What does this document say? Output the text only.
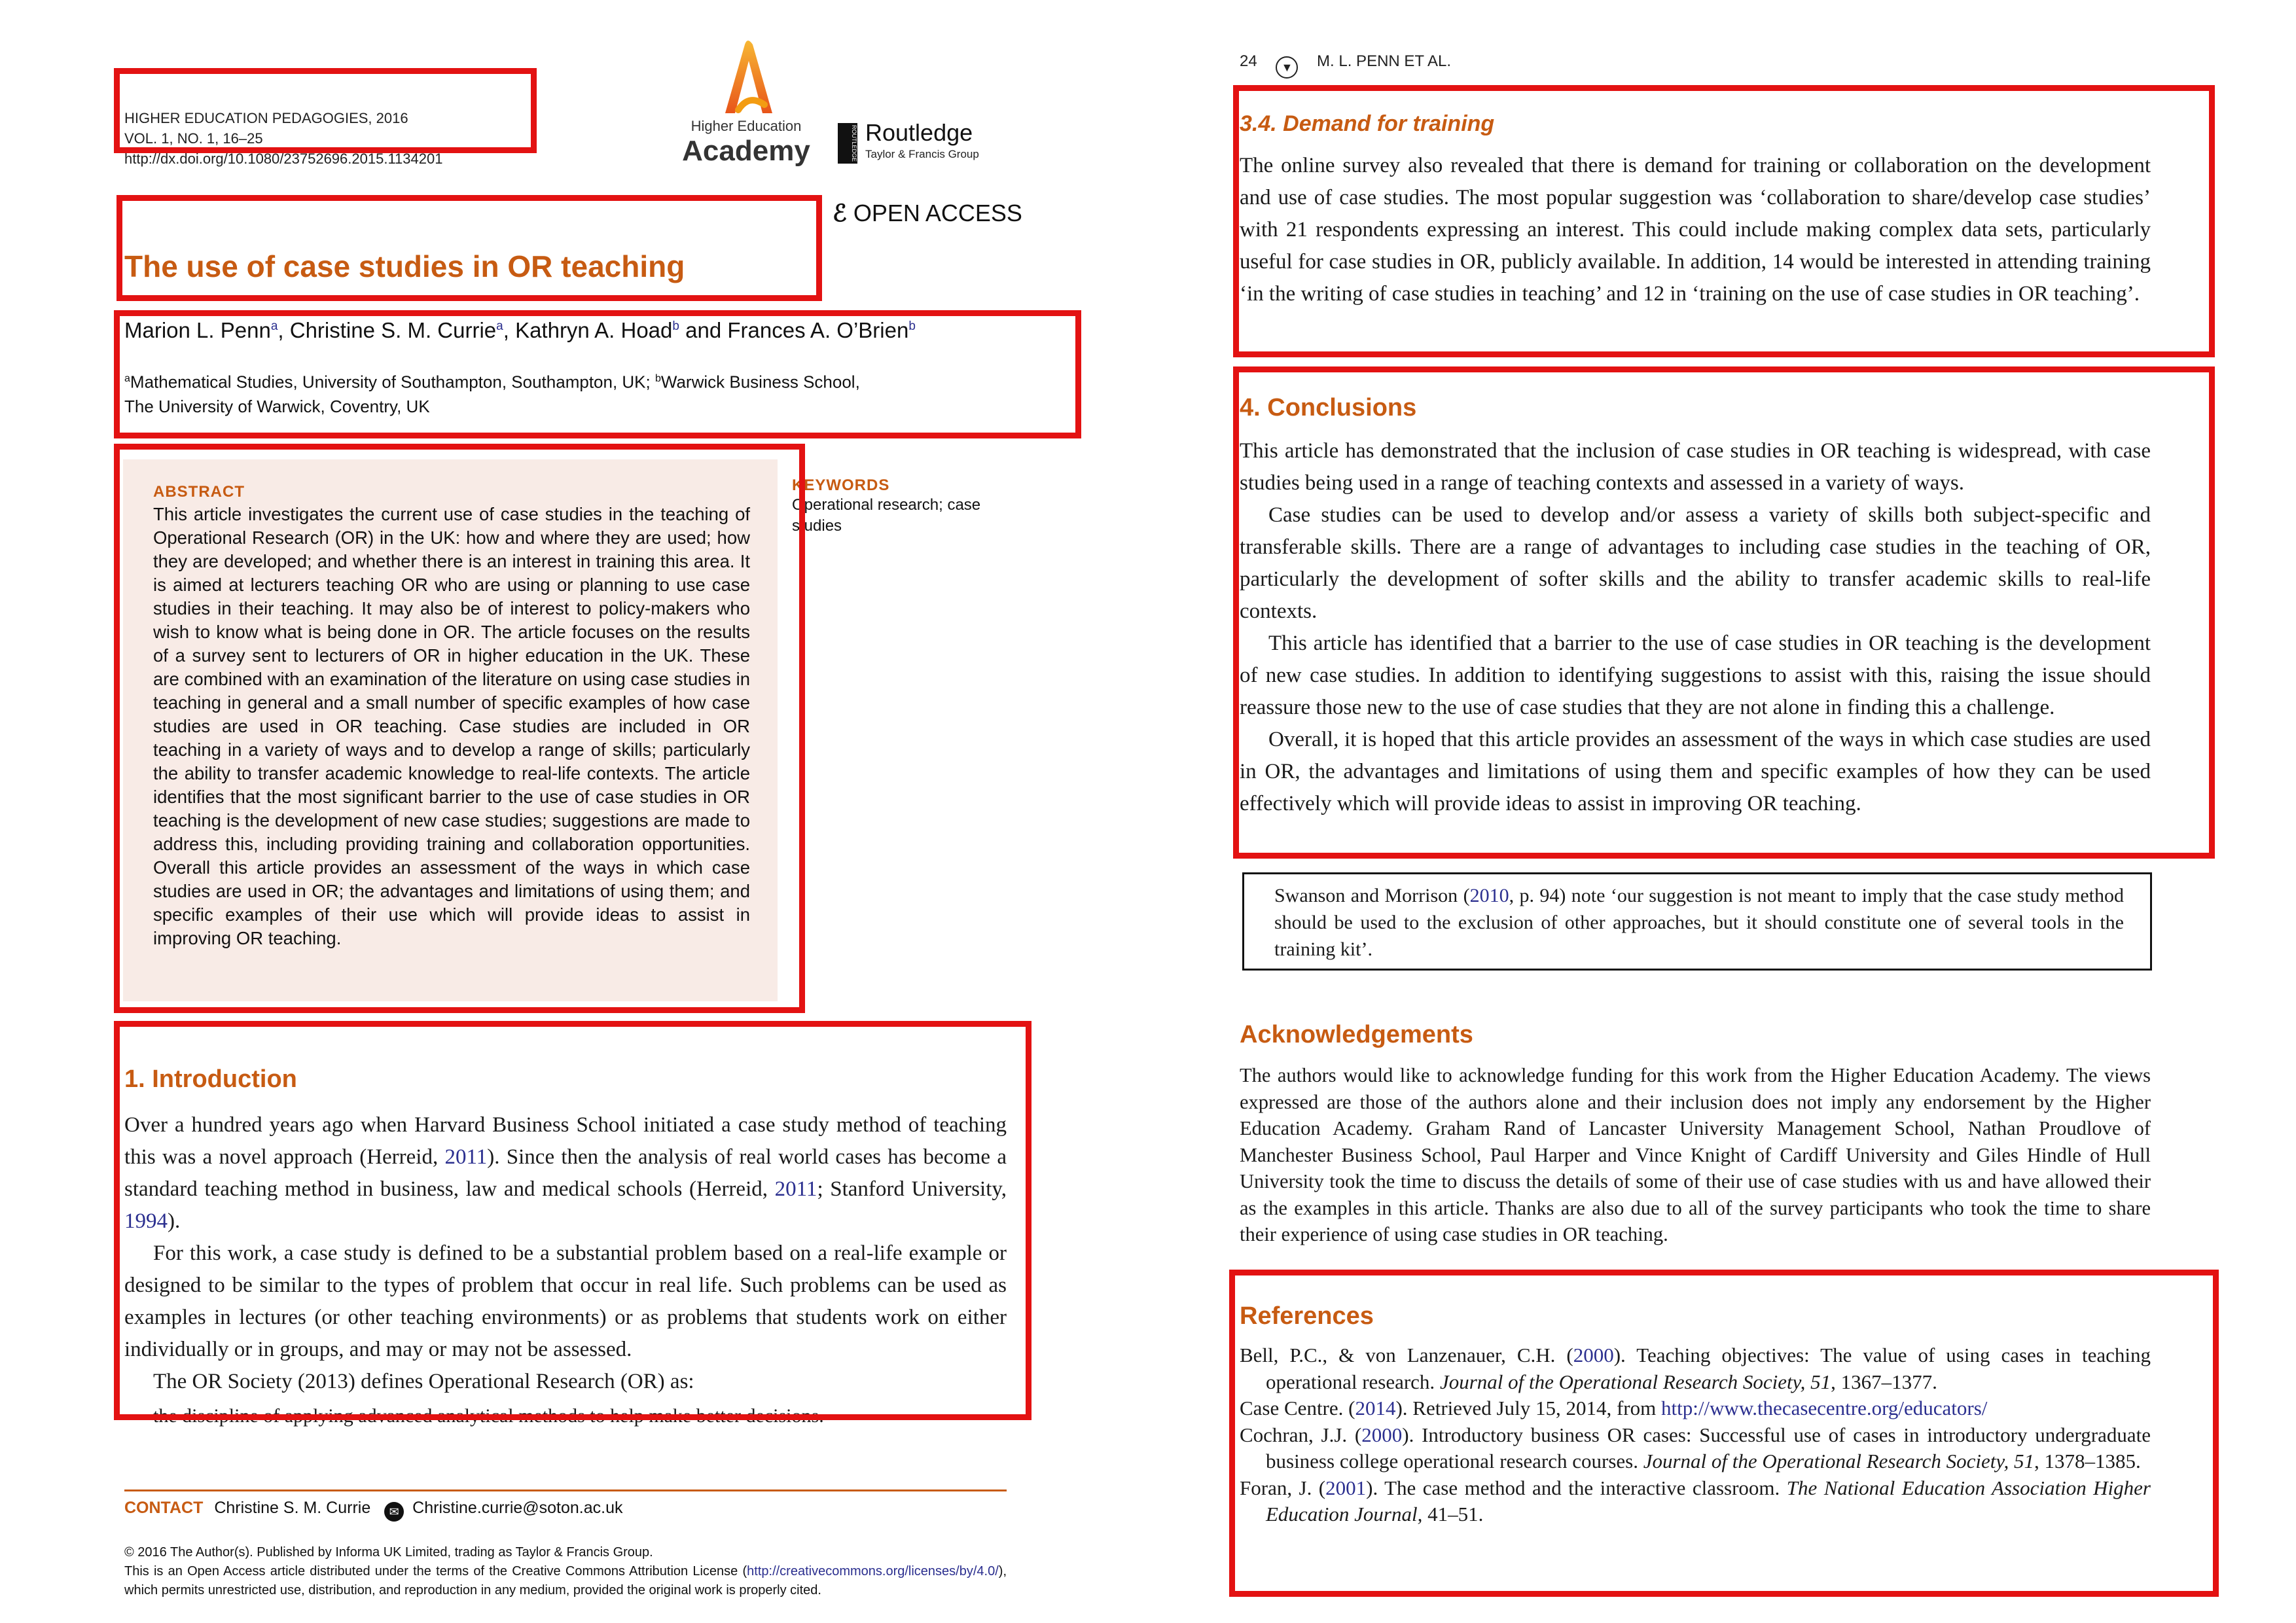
HIGHER EDUCATION PEDAGOGIES, 2016
VOL. 1, NO. 1, 16–25
http://dx.doi.org/10.1080/23752696.2015.1134201
Higher Education
Academy	ROUTLEDGE Routledge
Taylor & Francis Group
ℰ OPEN ACCESS
The use of case studies in OR teaching
Marion L. Penn$^a$, Christine S. M. Currie$^a$, Kathryn A. Hoad$^b$ and Frances A. O’Brien$^b$
$^a$Mathematical Studies, University of Southampton, Southampton, UK; $^b$Warwick Business School,
The University of Warwick, Coventry, UK
ABSTRACT

This article investigates the current use of case studies in the teaching of Operational Research (OR) in the UK: how and where they are used; how they are developed; and whether there is an interest in training this area. It is aimed at lecturers teaching OR who are using or planning to use case studies in their teaching. It may also be of interest to policy-makers who wish to know what is being done in OR. The article focuses on the results of a survey sent to lecturers of OR in higher education in the UK. These are combined with an examination of the literature on using case studies in teaching in general and a small number of specific examples of how case studies are used in OR teaching. Case studies are included in OR teaching in a variety of ways and to develop a range of skills; particularly the ability to transfer academic knowledge to real-life contexts. The article identifies that the most significant barrier to the use of case studies in OR teaching is the development of new case studies; suggestions are made to address this, including providing training and collaboration opportunities. Overall this article provides an assessment of the ways in which case studies are used in OR; the advantages and limitations of using them; and specific examples of their use which will provide ideas to assist in improving OR teaching.

KEYWORDS
Operational research; case studies
1. Introduction

Over a hundred years ago when Harvard Business School initiated a case study method of teaching this was a novel approach (Herreid, 2011). Since then the analysis of real world cases has become a standard teaching method in business, law and medical schools (Herreid, 2011; Stanford University, 1994).

For this work, a case study is defined to be a substantial problem based on a real-life example or designed to be similar to the types of problem that occur in real life. Such problems can be used as examples in lectures (or other teaching environments) or as problems that students work on either individually or in groups, and may or may not be assessed.

The OR Society (2013) defines Operational Research (OR) as:

the discipline of applying advanced analytical methods to help make better decisions.

CONTACT Christine S. M. Currie ✉ Christine.currie@soton.ac.uk
© 2016 The Author(s). Published by Informa UK Limited, trading as Taylor & Francis Group.
This is an Open Access article distributed under the terms of the Creative Commons Attribution License (http://creativecommons.org/licenses/by/4.0/), which permits unrestricted use, distribution, and reproduction in any medium, provided the original work is properly cited.
24 ▼ M. L. PENN ET AL.
3.4. Demand for training

The online survey also revealed that there is demand for training or collaboration on the development and use of case studies. The most popular suggestion was ‘collaboration to share/develop case studies’ with 21 respondents expressing an interest. This could include making complex data sets, particularly useful for case studies in OR, publicly available. In addition, 14 would be interested in attending training ‘in the writing of case studies in teaching’ and 12 in ‘training on the use of case studies in OR teaching’.

4. Conclusions

This article has demonstrated that the inclusion of case studies in OR teaching is widespread, with case studies being used in a range of teaching contexts and assessed in a variety of ways.

Case studies can be used to develop and/or assess a variety of skills both subject-specific and transferable skills. There are a range of advantages to including case studies in the teaching of OR, particularly the development of softer skills and the ability to transfer academic skills to real-life contexts.

This article has identified that a barrier to the use of case studies in OR teaching is the development of new case studies. In addition to identifying suggestions to assist with this, raising the issue should reassure those new to the use of case studies that they are not alone in finding this a challenge.

Overall, it is hoped that this article provides an assessment of the ways in which case studies are used in OR, the advantages and limitations of using them and specific examples of how they can be used effectively which will provide ideas to assist in improving OR teaching.

Swanson and Morrison (2010, p. 94) note ‘our suggestion is not meant to imply that the case study method should be used to the exclusion of other approaches, but it should constitute one of several tools in the training kit’.

Acknowledgements

The authors would like to acknowledge funding for this work from the Higher Education Academy. The views expressed are those of the authors alone and their inclusion does not imply any endorsement by the Higher Education Academy. Graham Rand of Lancaster University Management School, Nathan Proudlove of Manchester Business School, Paul Harper and Vince Knight of Cardiff University and Giles Hindle of Hull University took the time to discuss the details of some of their use of case studies with us and have allowed their as the examples in this article. Thanks are also due to all of the survey participants who took the time to share their experience of using case studies in OR teaching.

References

Bell, P.C., & von Lanzenauer, C.H. (2000). Teaching objectives: The value of using cases in teaching operational research. Journal of the Operational Research Society, 51, 1367–1377.

Case Centre. (2014). Retrieved July 15, 2014, from http://www.thecasecentre.org/educators/

Cochran, J.J. (2000). Introductory business OR cases: Successful use of cases in introductory undergraduate business college operational research courses. Journal of the Operational Research Society, 51, 1378–1385.

Foran, J. (2001). The case method and the interactive classroom. The National Education Association Higher Education Journal, 41–51.
